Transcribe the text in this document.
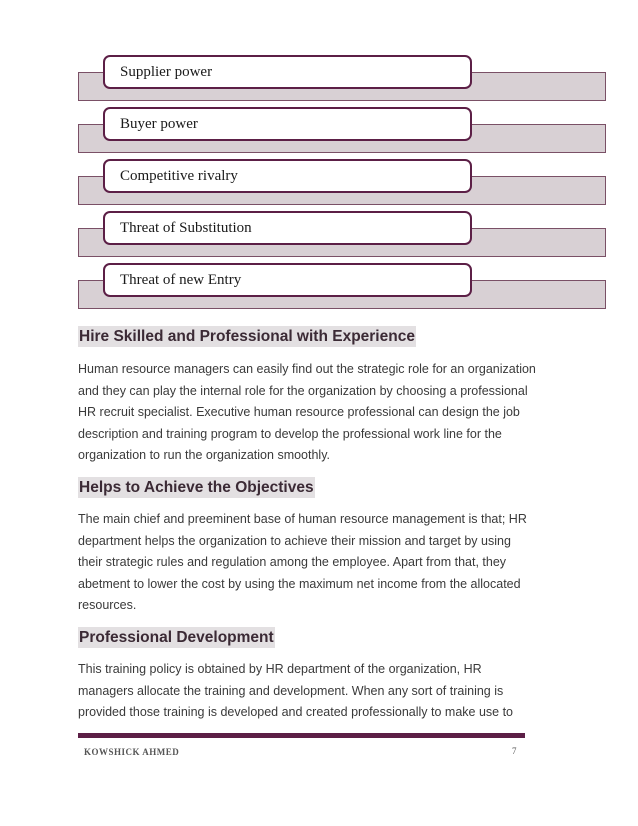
Supplier power
Buyer power
Competitive rivalry
Threat of Substitution
Threat of new Entry
Hire Skilled and Professional with Experience
Human resource managers can easily find out the strategic role for an organization and they can play the internal role for the organization by choosing a professional HR recruit specialist. Executive human resource professional can design the job description and training program to develop the professional work line for the organization to run the organization smoothly.
Helps to Achieve the Objectives
The main chief and preeminent base of human resource management is that; HR department helps the organization to achieve their mission and target by using their strategic rules and regulation among the employee. Apart from that, they abetment to lower the cost by using the maximum net income from the allocated resources.
Professional Development
This training policy is obtained by HR department of the organization, HR managers allocate the training and development. When any sort of training is provided those training is developed and created professionally to make use to
KOWSHICK AHMED	7
